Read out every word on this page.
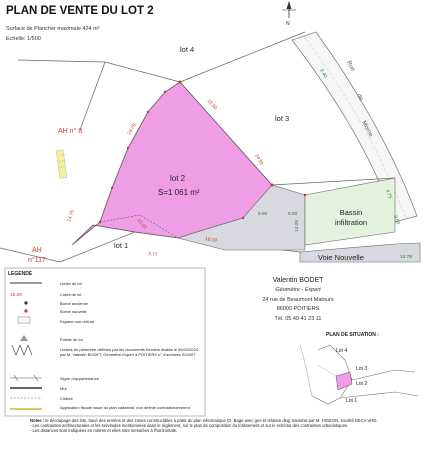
PLAN DE VENTE DU LOT 2
Surface de Plancher maximale 424 m²
Echelle: 1/500
N
Rue
de
Morne
Bassin
infiltration
Voie Nouvelle
lot 4
lot 3
lot 2
S=1 061 m²
lot 1
AH n° 8
AH
n°117
15.30
24.91
24.79
14.75
16.02
3.77
10.15
8.60	8.90
14.09
12.78
8.40
4.75
9.50
LEGENDE
16.00
Limite de lot
Cotes de lot
Borne ancienne
Borne nouvelle
Espace non clôturé
Entrée du lot
Limites du périmètre définies par les documents fonciers établis le 06/02/2024 par M. Valentin BODET, Géomètre-Expert à POITIERS n° d'archives 924007.
Signe d'appartenance
Mur
Clôture
Application fiscale issue du plan cadastral, non définie contradictoirement
Valentin BODET
Géomètre - Expert
24 rue de Beaumont Matours
86000 POITIERS
Tél. 05 49 41 23 11
PLAN DE SITUATION :
Lot 4
Lot 3
Lot 2
Lot 1
Notes : le découpage des lots, tracé des entrées et des zones constructibles à partir du plan informatique (D. Bage avec geo et relation dsq) transmis par M. HIGEON, société DECA VHD.
- Les contraintes architecturales et les servitudes mentionnées dans le règlement, sur le plan de composition du lotissement et sur le schéma des contraintes urbanistiques.
- Les distances sont indiquées en mètres et elles sont mesurées à l'horizontale.
